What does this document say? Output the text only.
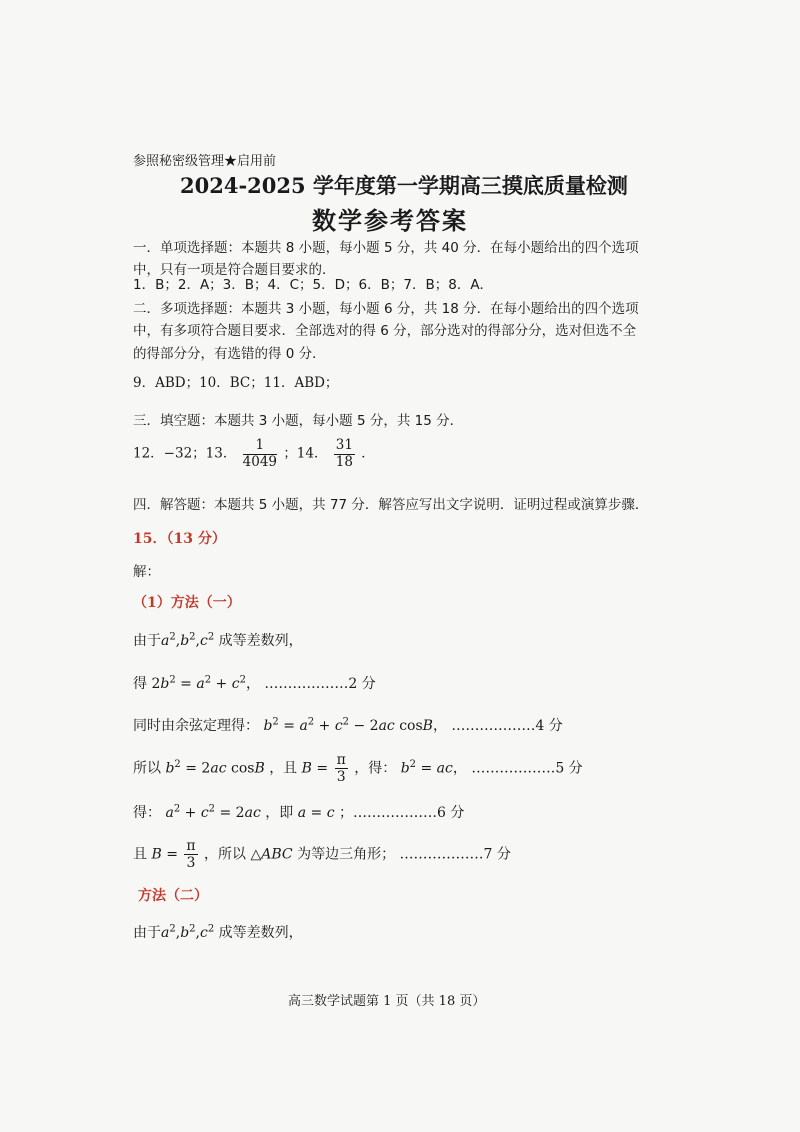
参照秘密级管理★启用前
2024-2025 学年度第一学期高三摸底质量检测
数学参考答案
一．单项选择题：本题共 8 小题，每小题 5 分，共 40 分．在每小题给出的四个选项
中，只有一项是符合题目要求的．
1．B；2．A；3．B；4．C；5．D；6．B；7．B；8．A．
二．多项选择题：本题共 3 小题，每小题 6 分，共 18 分．在每小题给出的四个选项
中，有多项符合题目要求．全部选对的得 6 分，部分选对的得部分分，选对但选不全
的得部分分，有选错的得 0 分．
9．ABD；10．BC；11．ABD；
三．填空题：本题共 3 小题，每小题 5 分，共 15 分．
12．−32；13． $\frac{1}{4049}$ ；14． $\frac{31}{18}$ ．
四．解答题：本题共 5 小题，共 77 分．解答应写出文字说明．证明过程或演算步骤．
15．（13 分）
解：
（1）方法（一）
由于$a^2,b^2,c^2$ 成等差数列，
得 $2b^2 = a^2 + c^2$， ………………2 分
同时由余弦定理得： $b^2 = a^2 + c^2 - 2ac$ cosB， ………………4 分
所以 $b^2 = 2ac$ cosB ，且 $B = \frac{\pi}{3}$ ，得： $b^2$ = ac， ………………5 分
得： $a^2 + c^2 = 2ac$ ，即 a = c ；………………6 分
且 $B = \frac{\pi}{3}$ ，所以 △ABC 为等边三角形； ………………7 分
方法（二）
由于$a^2,b^2,c^2$ 成等差数列，
高三数学试题第 1 页（共 18 页）
